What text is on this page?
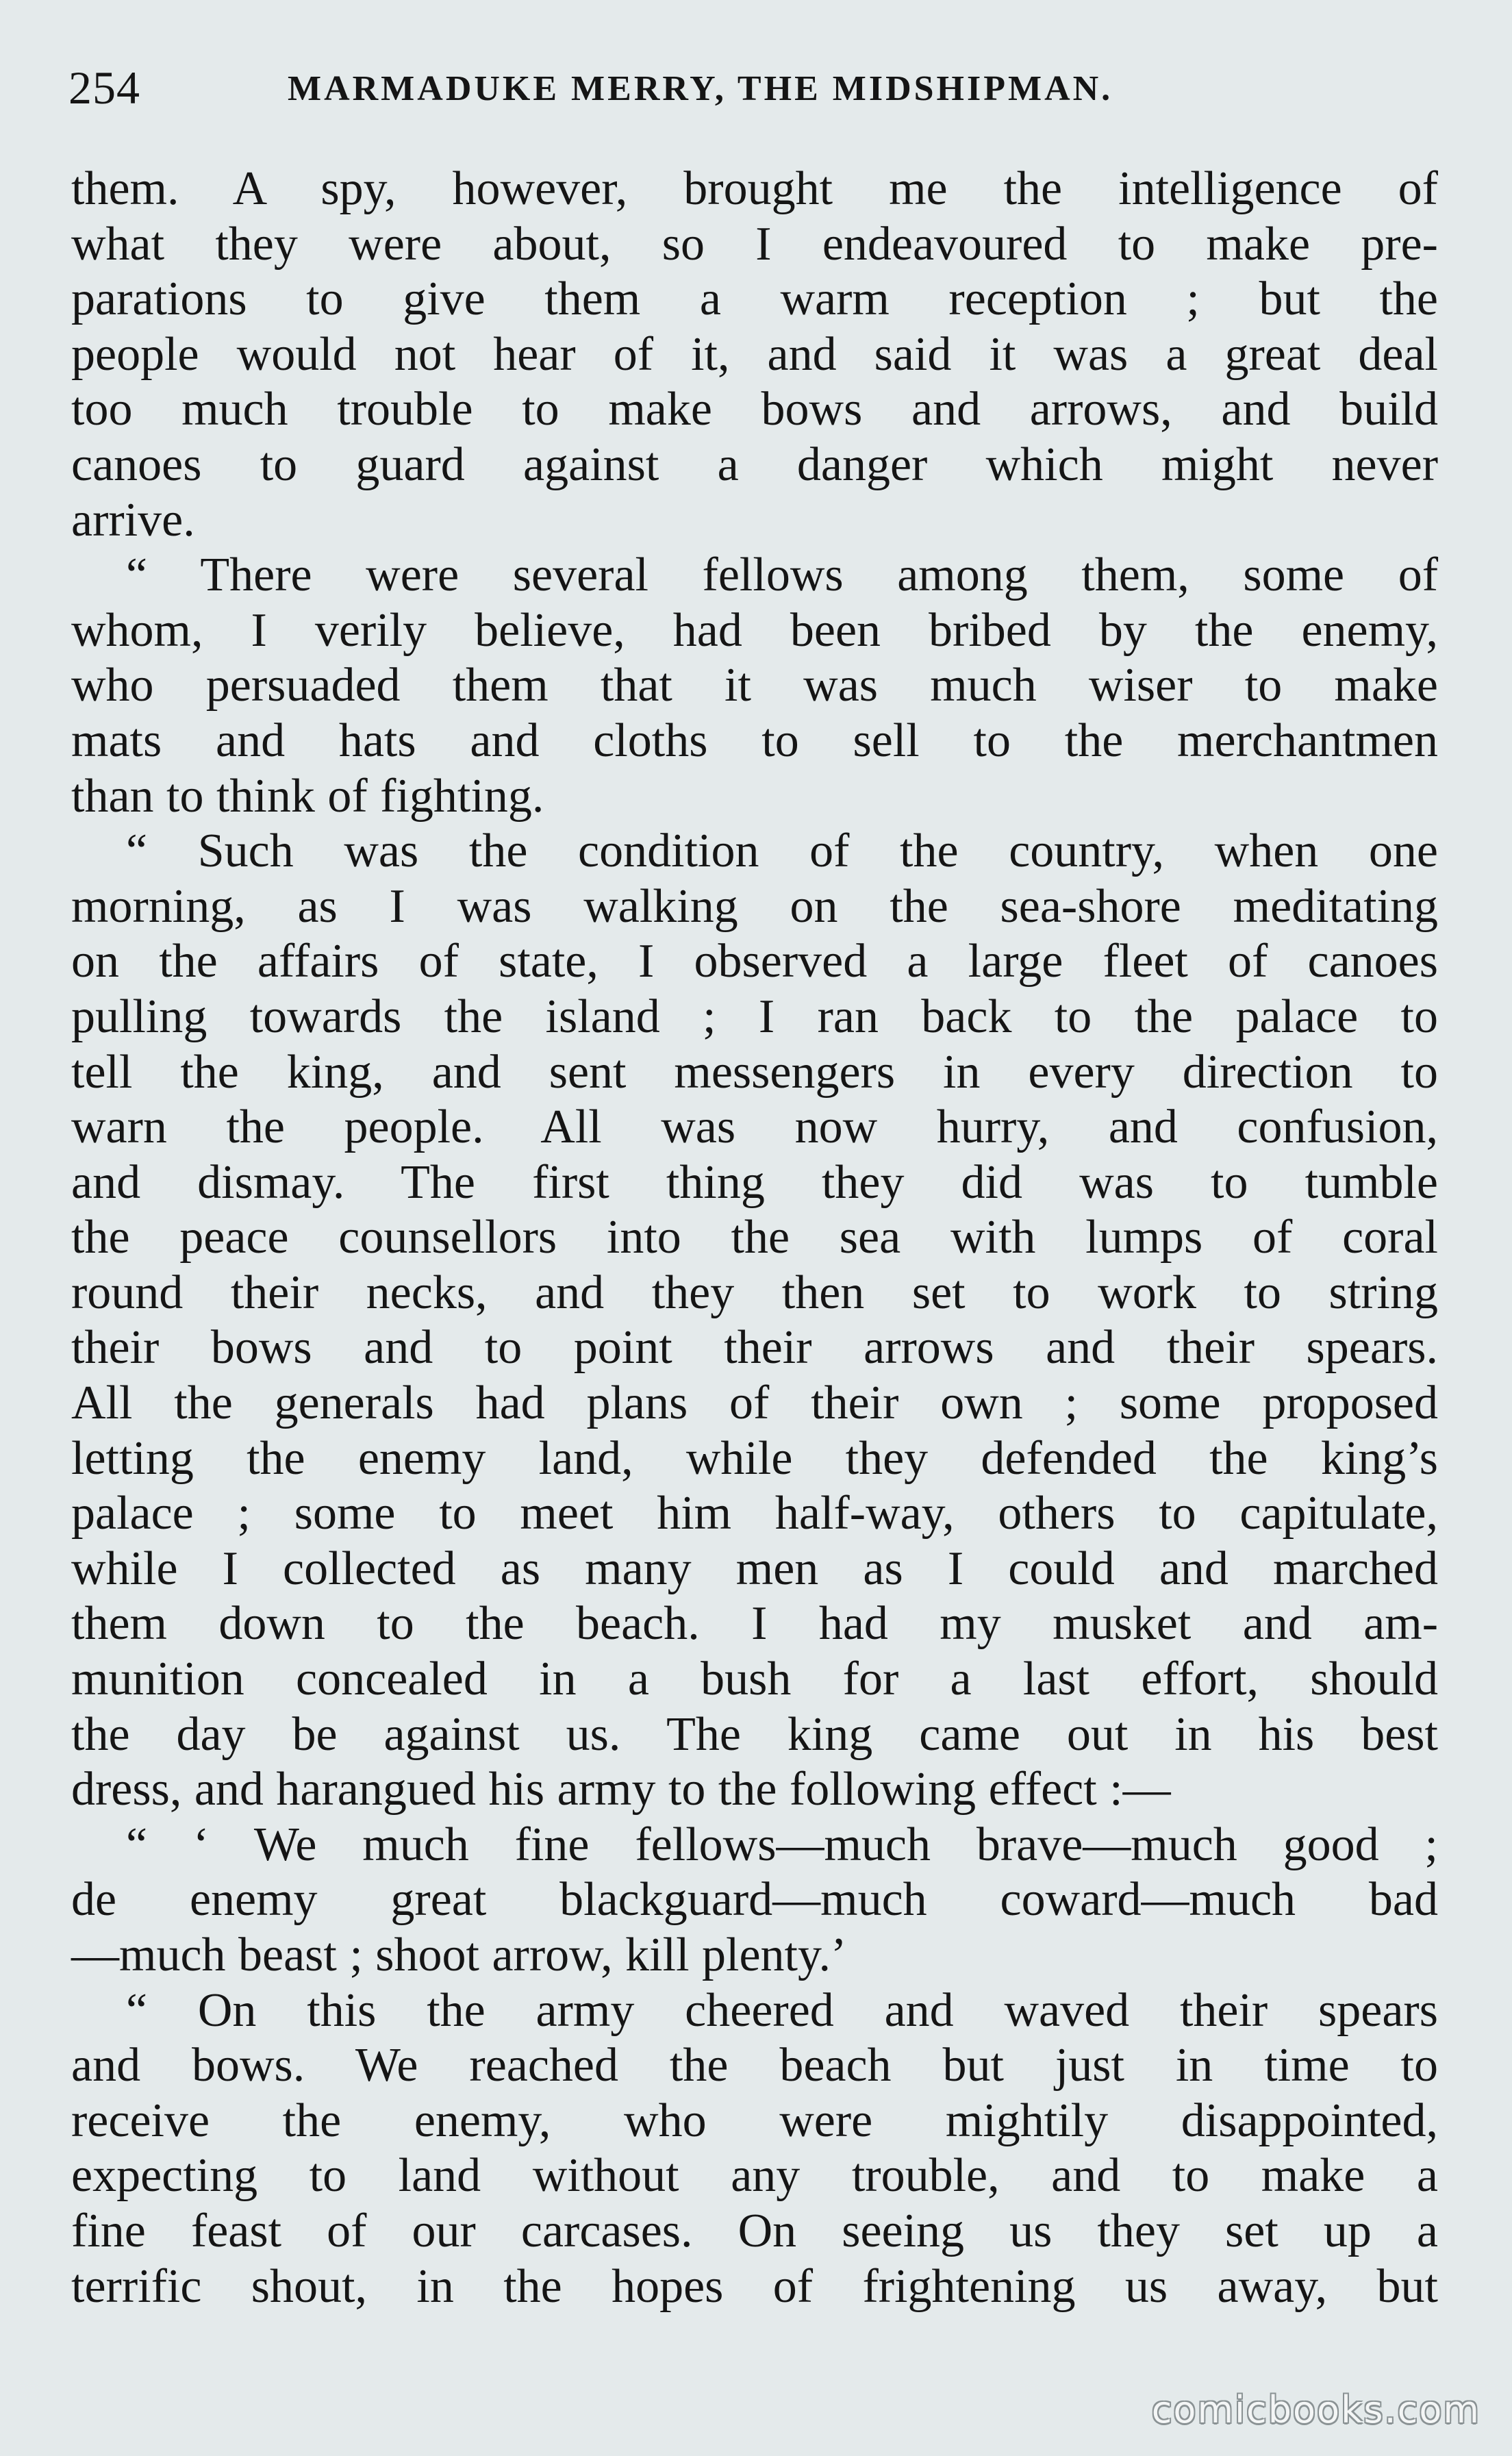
254	MARMADUKE MERRY, THE MIDSHIPMAN.
them. A spy, however, brought me the intelligence of
what they were about, so I endeavoured to make pre-
parations to give them a warm reception ; but the
people would not hear of it, and said it was a great deal
too much trouble to make bows and arrows, and build
canoes to guard against a danger which might never
arrive.
“ There were several fellows among them, some of
whom, I verily believe, had been bribed by the enemy,
who persuaded them that it was much wiser to make
mats and hats and cloths to sell to the merchantmen
than to think of fighting.
“ Such was the condition of the country, when one
morning, as I was walking on the sea-shore meditating
on the affairs of state, I observed a large fleet of canoes
pulling towards the island ; I ran back to the palace to
tell the king, and sent messengers in every direction to
warn the people. All was now hurry, and confusion,
and dismay. The first thing they did was to tumble
the peace counsellors into the sea with lumps of coral
round their necks, and they then set to work to string
their bows and to point their arrows and their spears.
All the generals had plans of their own ; some proposed
letting the enemy land, while they defended the king’s
palace ; some to meet him half-way, others to capitulate,
while I collected as many men as I could and marched
them down to the beach. I had my musket and am-
munition concealed in a bush for a last effort, should
the day be against us. The king came out in his best
dress, and harangued his army to the following effect :—
“ ‘ We much fine fellows—much brave—much good ;
de enemy great blackguard—much coward—much bad
—much beast ; shoot arrow, kill plenty.’
“ On this the army cheered and waved their spears
and bows. We reached the beach but just in time to
receive the enemy, who were mightily disappointed,
expecting to land without any trouble, and to make a
fine feast of our carcases. On seeing us they set up a
terrific shout, in the hopes of frightening us away, but
comicbooks.com
